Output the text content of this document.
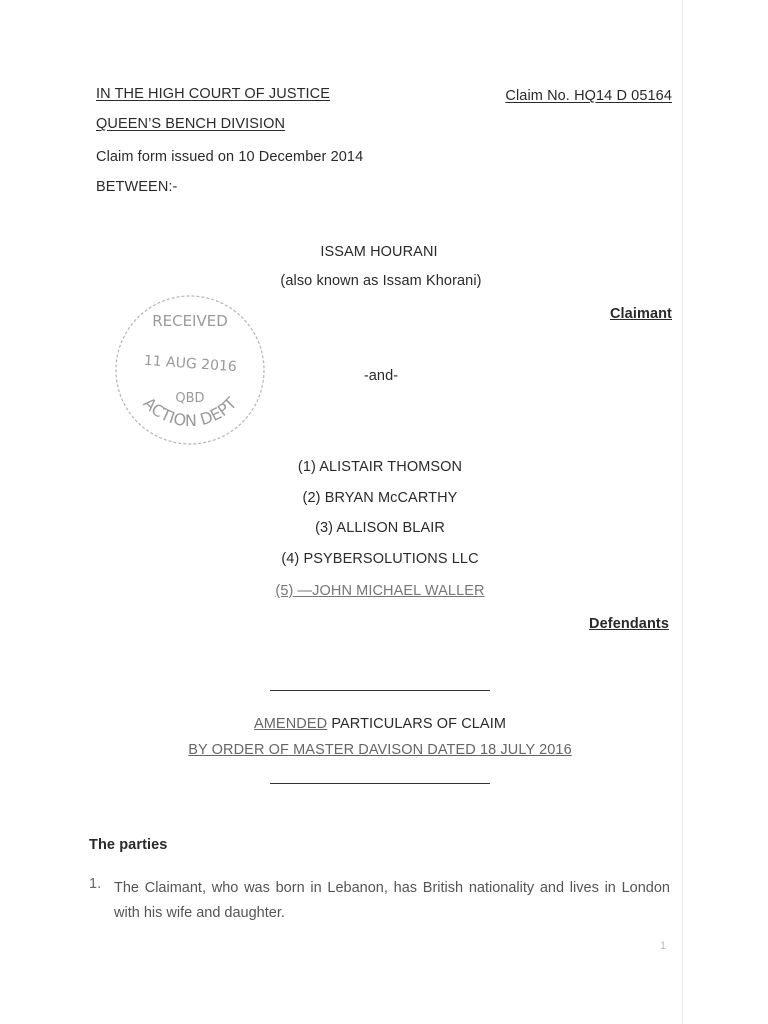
IN THE HIGH COURT OF JUSTICE
QUEEN’S BENCH DIVISION
Claim No. HQ14 D 05164
Claim form issued on 10 December 2014
BETWEEN:-
ISSAM HOURANI
(also known as Issam Khorani)
Claimant
RECEIVED
11 AUG 2016
QBD
ACTION DEPT
-and-
(1) ALISTAIR THOMSON
(2) BRYAN McCARTHY
(3) ALLISON BLAIR
(4) PSYBERSOLUTIONS LLC
(5) —JOHN MICHAEL WALLER
Defendants
AMENDED PARTICULARS OF CLAIM
BY ORDER OF MASTER DAVISON DATED 18 JULY 2016
The parties
1. The Claimant, who was born in Lebanon, has British nationality and lives in London with his wife and daughter.
1
